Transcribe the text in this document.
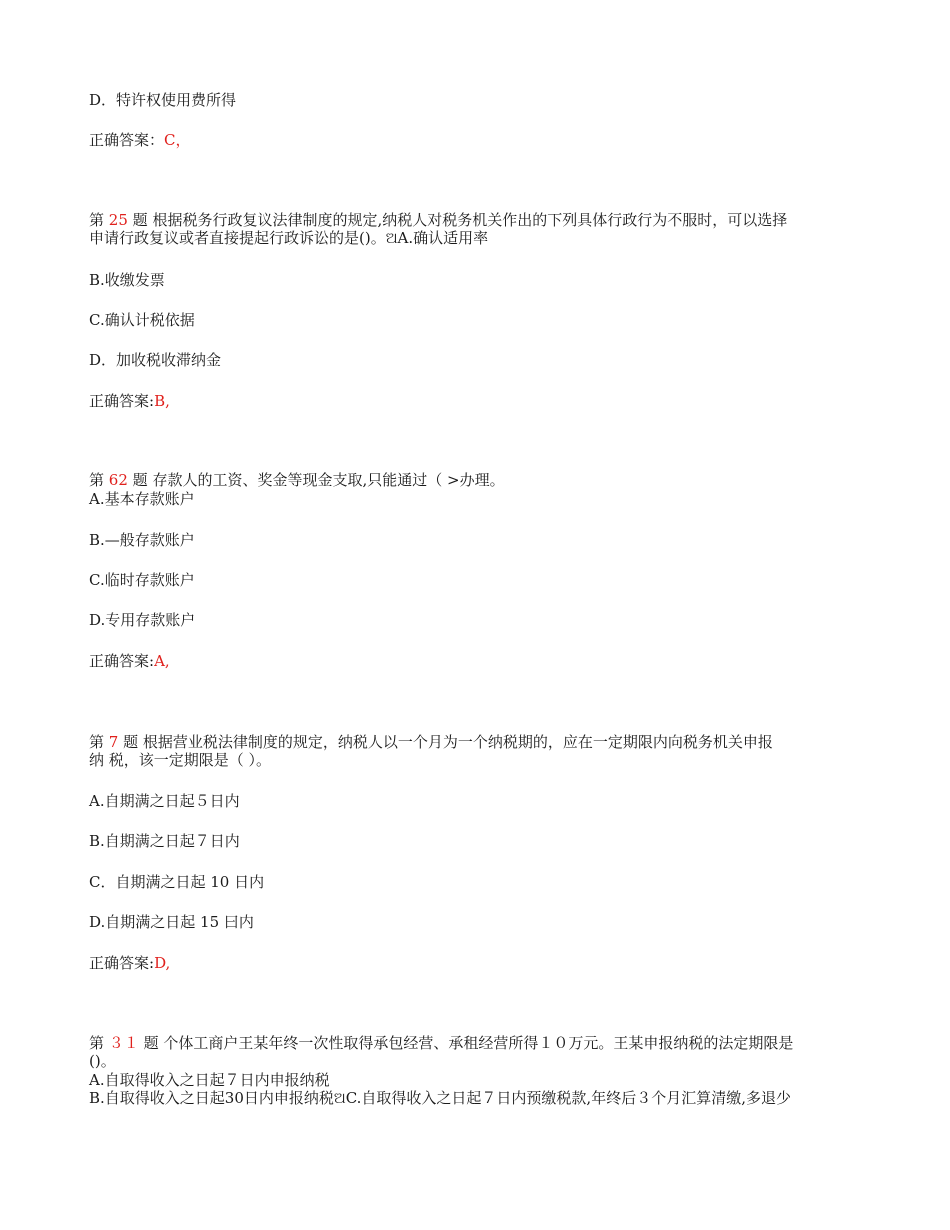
D．特许权使用费所得
正确答案：C，
第 25 题 根据税务行政复议法律制度的规定,纳税人对税务机关作出的下列具体行政行为不服时，可以选择
申请行政复议或者直接提起行政诉讼的是()。ଅA.确认适用率
B.收缴发票
C.确认计税依据
D．加收税收滞纳金
正确答案:B,
第 62 题 存款人的工资、奖金等现金支取,只能通过（ >办理。
A.基本存款账户
B.—般存款账户
C.临时存款账户
D.专用存款账户
正确答案:A,
第 7 题 根据营业税法律制度的规定，纳税人以一个月为一个纳税期的，应在一定期限内向税务机关申报
纳 税，该一定期限是（ ）。
A.自期满之日起５日内
B.自期满之日起７日内
C．自期满之日起 10 日内
D.自期满之日起 15 曰内
正确答案:D,
第 ３１ 题 个体工商户王某年终一次性取得承包经营、承租经营所得１０万元。王某申报纳税的法定期限是
()。
A.自取得收入之日起７日内申报纳税
B.自取得收入之日起30日内申报纳税ଅC.自取得收入之日起７日内预缴税款,年终后３个月汇算清缴,多退少
